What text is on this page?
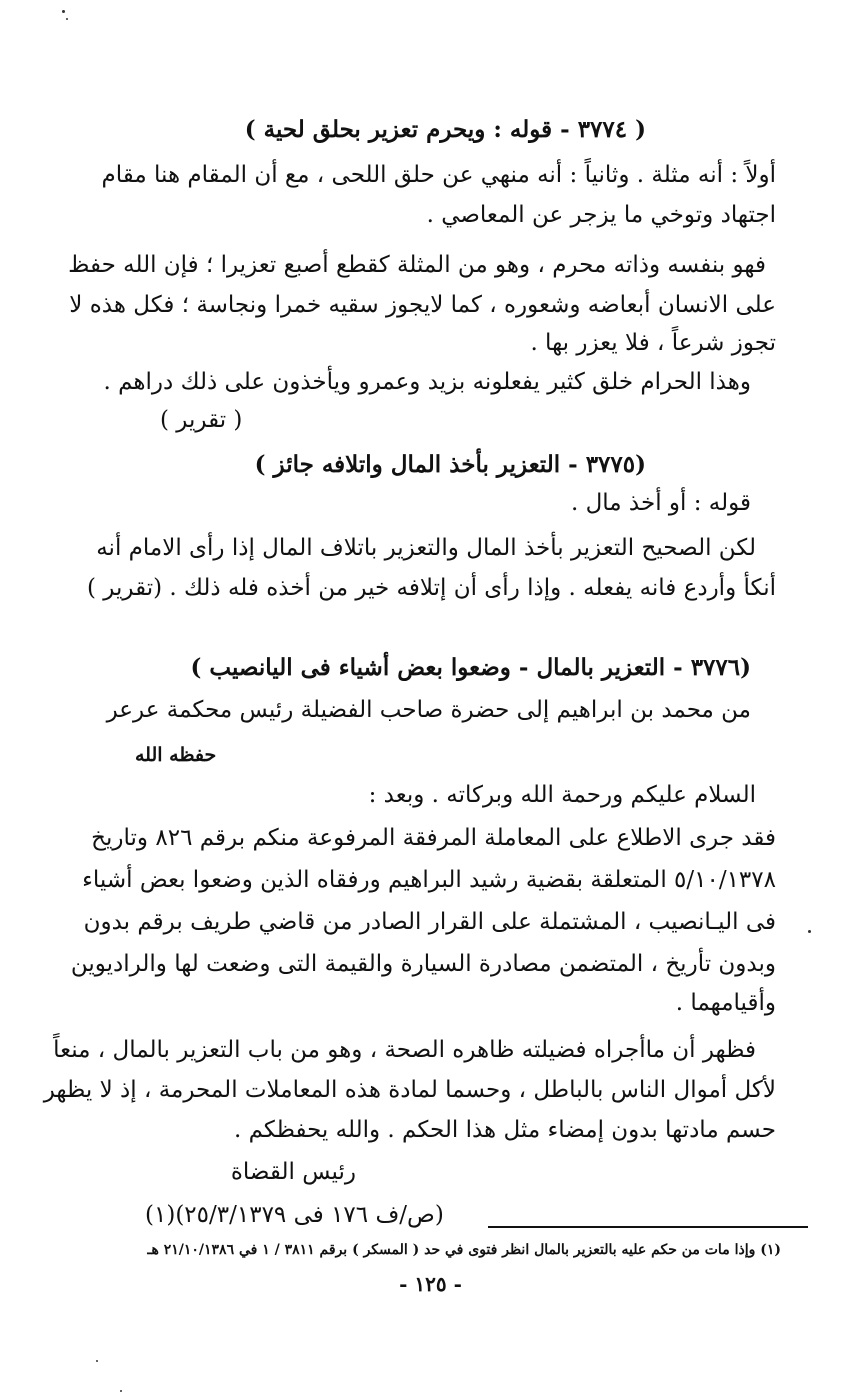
( ٣٧٧٤ - قوله : ويحرم تعزير بحلق لحية )
أولاً : أنه مثلة . وثانياً : أنه منهي عن حلق اللحى ، مع أن المقام هنا مقام
اجتهاد وتوخي ما يزجر عن المعاصي .
فهو بنفسه وذاته محرم ، وهو من المثلة كقطع أصبع تعزيرا ؛ فإن الله حفظ
على الانسان أبعاضه وشعوره ، كما لايجوز سقيه خمرا ونجاسة ؛ فكل هذه لا
تجوز شرعاً ، فلا يعزر بها .
وهذا الحرام خلق كثير يفعلونه بزيد وعمرو ويأخذون على ذلك دراهم .
( تقرير )
(٣٧٧٥ - التعزير بأخذ المال واتلافه جائز )
قوله : أو أخذ مال .
لكن الصحيح التعزير بأخذ المال والتعزير باتلاف المال إذا رأى الامام أنه
أنكأ وأردع فانه يفعله . وإذا رأى أن إتلافه خير من أخذه فله ذلك . (تقرير )
(٣٧٧٦ - التعزير بالمال - وضعوا بعض أشياء فى اليانصيب )
من محمد بن ابراهيم إلى حضرة صاحب الفضيلة رئيس محكمة عرعر
حفظه الله
السلام عليكم ورحمة الله وبركاته . وبعد :
فقد جرى الاطلاع على المعاملة المرفقة المرفوعة منكم برقم ٨٢٦ وتاريخ
٥/١٠/١٣٧٨ المتعلقة بقضية رشيد البراهيم ورفقاه الذين وضعوا بعض أشياء
فى اليـانصيب ، المشتملة على القرار الصادر من قاضي طريف برقم بدون
وبدون تأريخ ، المتضمن مصادرة السيارة والقيمة التى وضعت لها والراديوين
وأقيامهما .
فظهر أن ماأجراه فضيلته ظاهره الصحة ، وهو من باب التعزير بالمال ، منعاً
لأكل أموال الناس بالباطل ، وحسما لمادة هذه المعاملات المحرمة ، إذ لا يظهر
حسم مادتها بدون إمضاء مثل هذا الحكم . والله يحفظكم .
رئيس القضاة
(ص/ف ١٧٦ فى ٢٥/٣/١٣٧٩)(١)
(١) وإذا مات من حكم عليه بالتعزير بالمال انظر فتوى في حد ( المسكر ) برقم ٣٨١١ / ١ في ٢١/١٠/١٣٨٦ هـ
- ١٢٥ -
